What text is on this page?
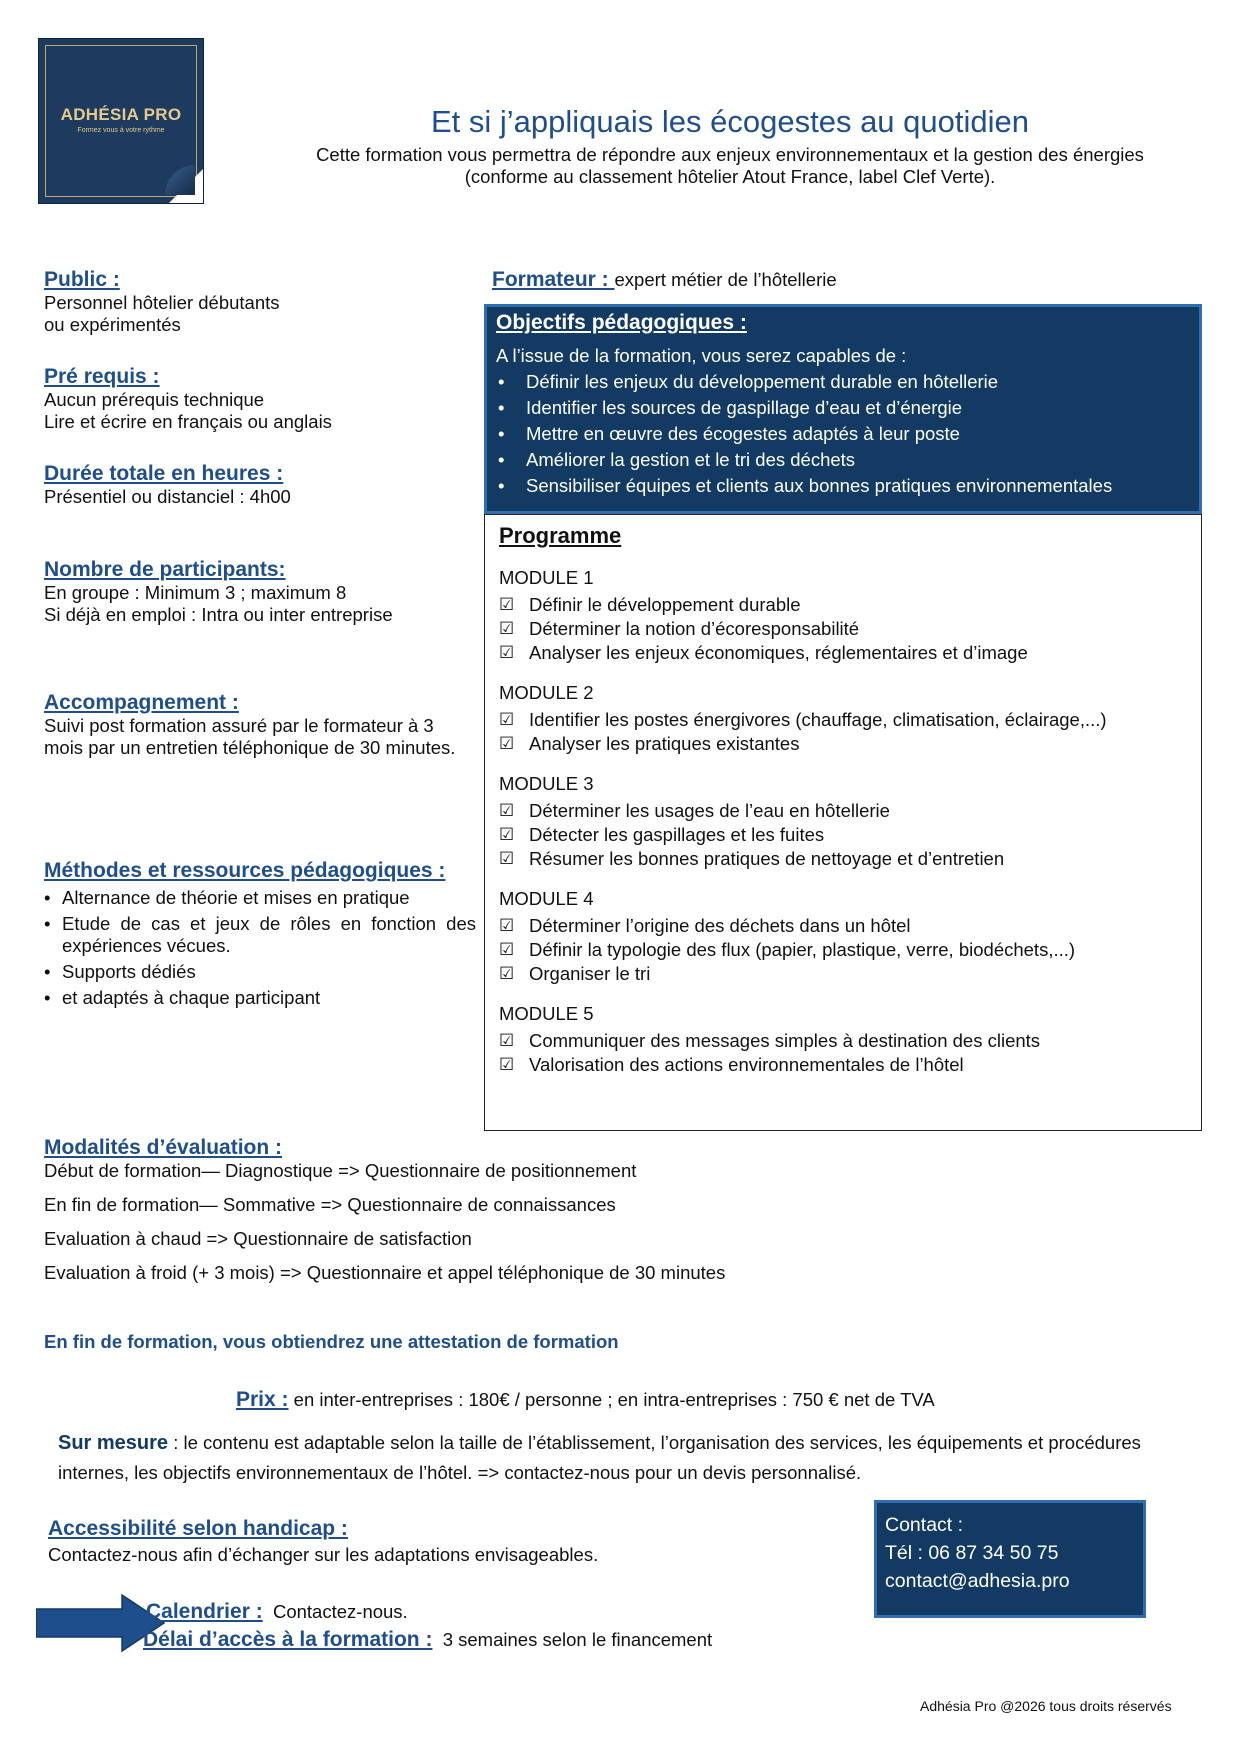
ADHÉSIA PRO
Formez vous à votre rythme	Et si j’appliquais les écogestes au quotidien
Cette formation vous permettra de répondre aux enjeux environnementaux et la gestion des énergies (conforme au classement hôtelier Atout France, label Clef Verte).
Public :
Personnel hôtelier débutants
ou expérimentés
Pré requis :
Aucun prérequis technique
Lire et écrire en français ou anglais
Durée totale en heures :
Présentiel ou distanciel : 4h00
Nombre de participants:
En groupe : Minimum 3 ; maximum 8
Si déjà en emploi : Intra ou inter entreprise
Accompagnement :
Suivi post formation assuré par le formateur à 3 mois par un entretien téléphonique de 30 minutes.
Méthodes et ressources pédagogiques :
• Alternance de théorie et mises en pratique
• Etude de cas et jeux de rôles en fonction des expériences vécues.
• Supports dédiés
• et adaptés à chaque participant
Formateur : expert métier de l’hôtellerie
Objectifs pédagogiques :
A l’issue de la formation, vous serez capables de :
• Définir les enjeux du développement durable en hôtellerie
• Identifier les sources de gaspillage d’eau et d’énergie
• Mettre en œuvre des écogestes adaptés à leur poste
• Améliorer la gestion et le tri des déchets
• Sensibiliser équipes et clients aux bonnes pratiques environnementales
Programme
MODULE 1
☑ Définir le développement durable
☑ Déterminer la notion d’écoresponsabilité
☑ Analyser les enjeux économiques, réglementaires et d’image
MODULE 2
☑ Identifier les postes énergivores (chauffage, climatisation, éclairage,...)
☑ Analyser les pratiques existantes
MODULE 3
☑ Déterminer les usages de l’eau en hôtellerie
☑ Détecter les gaspillages et les fuites
☑ Résumer les bonnes pratiques de nettoyage et d’entretien
MODULE 4
☑ Déterminer l’origine des déchets dans un hôtel
☑ Définir la typologie des flux (papier, plastique, verre, biodéchets,...)
☑ Organiser le tri
MODULE 5
☑ Communiquer des messages simples à destination des clients
☑ Valorisation des actions environnementales de l’hôtel
Modalités d’évaluation :
Début de formation— Diagnostique => Questionnaire de positionnement
En fin de formation— Sommative => Questionnaire de connaissances
Evaluation à chaud => Questionnaire de satisfaction
Evaluation à froid (+ 3 mois) => Questionnaire et appel téléphonique de 30 minutes
En fin de formation, vous obtiendrez une attestation de formation
Prix : en inter-entreprises : 180€ / personne ; en intra-entreprises : 750 € net de TVA
Sur mesure : le contenu est adaptable selon la taille de l’établissement, l’organisation des services, les équipements et procédures internes, les objectifs environnementaux de l’hôtel. => contactez-nous pour un devis personnalisé.
Accessibilité selon handicap :
Contactez-nous afin d’échanger sur les adaptations envisageables.
Calendrier : Contactez-nous.
Délai d’accès à la formation : 3 semaines selon le financement
Contact :
Tél : 06 87 34 50 75
contact@adhesia.pro
Adhésia Pro @2026 tous droits réservés
